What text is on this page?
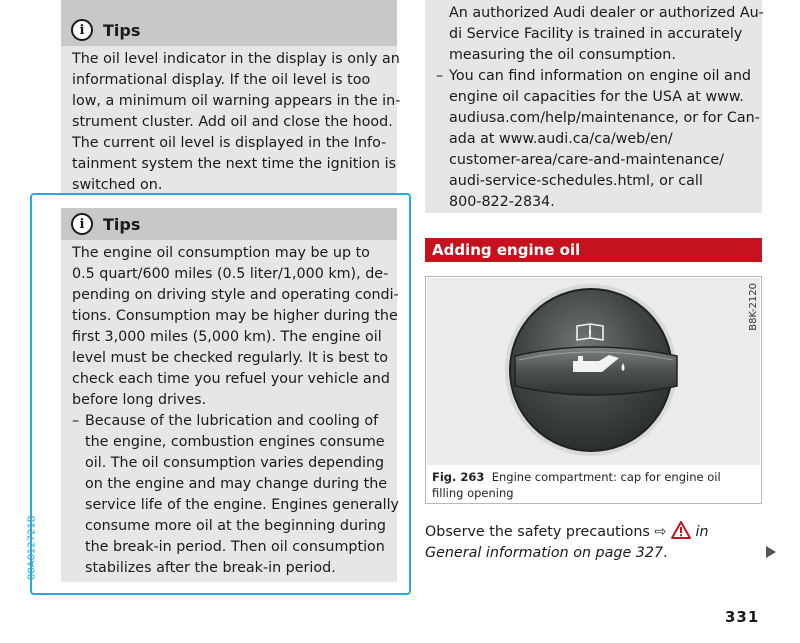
i	Tips
The oil level indicator in the display is only an
informational display. If the oil level is too
low, a minimum oil warning appears in the in-
strument cluster. Add oil and close the hood.
The current oil level is displayed in the Info-
tainment system the next time the ignition is
switched on.
i	Tips
The engine oil consumption may be up to
0.5 quart/600 miles (0.5 liter/1,000 km), de-
pending on driving style and operating condi-
tions. Consumption may be higher during the
first 3,000 miles (5,000 km). The engine oil
level must be checked regularly. It is best to
check each time you refuel your vehicle and
before long drives.
– Because of the lubrication and cooling of
the engine, combustion engines consume
oil. The oil consumption varies depending
on the engine and may change during the
service life of the engine. Engines generally
consume more oil at the beginning during
the break-in period. Then oil consumption
stabilizes after the break-in period.
80A012721B
An authorized Audi dealer or authorized Au-
di Service Facility is trained in accurately
measuring the oil consumption.
– You can find information on engine oil and
engine oil capacities for the USA at www.
audiusa.com/help/maintenance, or for Can-
ada at www.audi.ca/ca/web/en/
customer-area/care-and-maintenance/
audi-service-schedules.html, or call
800-822-2834.
Adding engine oil
B8K-2120
Fig. 263 Engine compartment: cap for engine oil filling opening
Observe the safety precautions ⇨ in General information on page 327.
331
